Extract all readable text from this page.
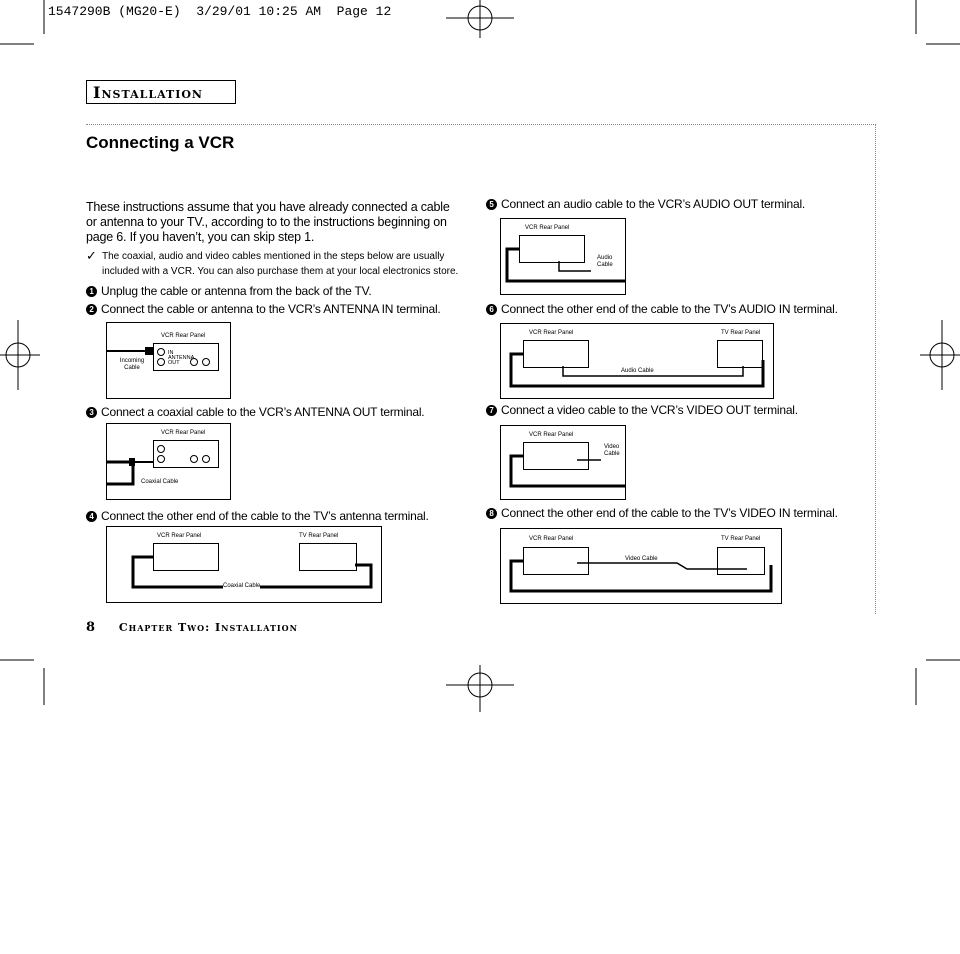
1547290B (MG20-E)  3/29/01 10:25 AM  Page 12
Installation
Connecting a VCR
These instructions assume that you have already connected a cable or antenna to your TV., according to to the instructions beginning on page 6. If you haven’t, you can skip step 1.
✓ The coaxial, audio and video cables mentioned in the steps below are usually included with a VCR. You can also purchase them at your local electronics store.
1 Unplug the cable or antenna from the back of the TV.
2 Connect the cable or antenna to the VCR’s ANTENNA IN terminal.
3 Connect a coaxial cable to the VCR’s ANTENNA OUT terminal.
4 Connect the other end of the cable to the TV’s antenna terminal.
5 Connect an audio cable to the VCR’s AUDIO OUT terminal.
6 Connect the other end of the cable to the TV’s AUDIO IN terminal.
7 Connect a video cable to the VCR’s VIDEO OUT terminal.
8 Connect the other end of the cable to the TV’s VIDEO IN terminal.
VCR Rear Panel
IN
ANTENNA
OUT
Incoming Cable
VCR Rear Panel
Coaxial Cable
VCR Rear Panel	TV Rear Panel
Coaxial Cable
VCR Rear Panel
Audio Cable
VCR Rear Panel	TV Rear Panel
Audio Cable
VCR Rear Panel
Video Cable
VCR Rear Panel	TV Rear Panel
Video Cable
8 Chapter Two: Installation
